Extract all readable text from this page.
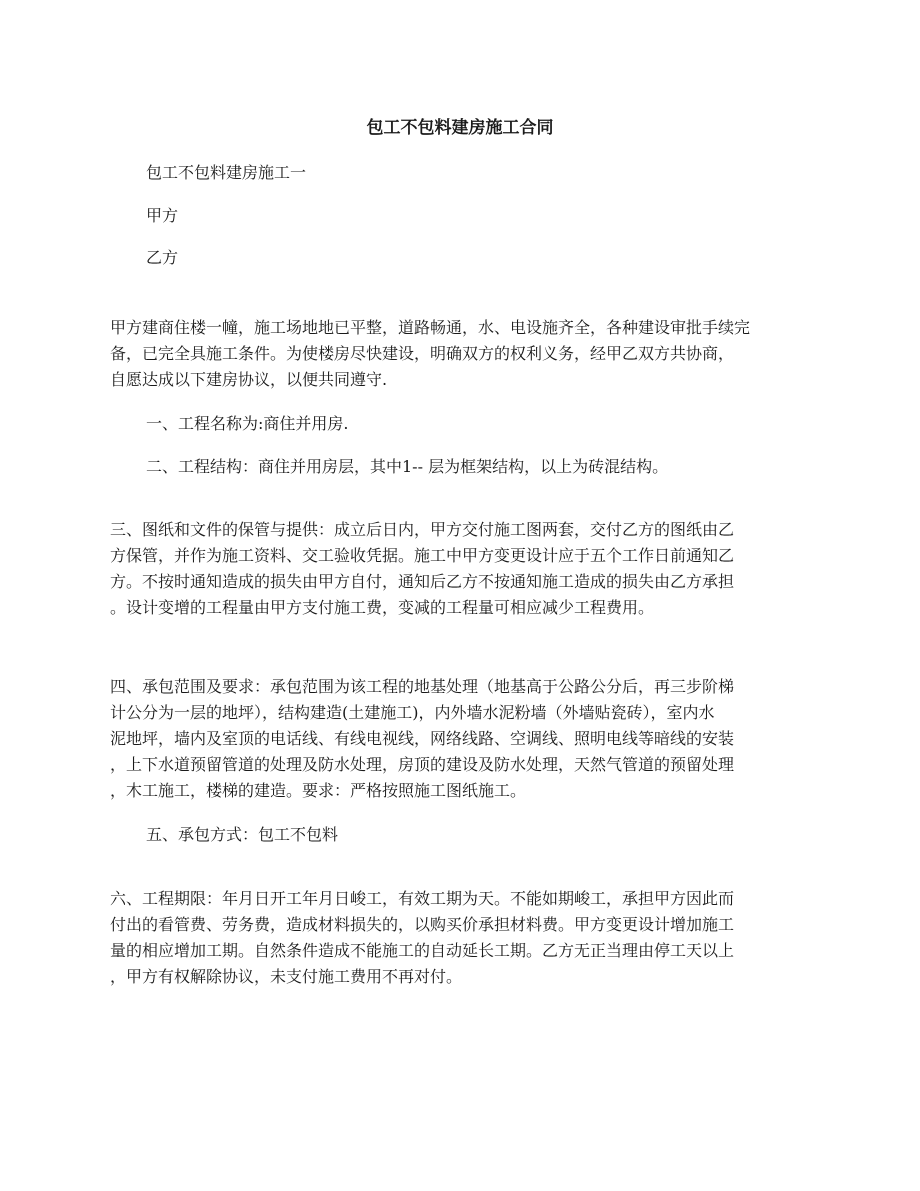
包工不包料建房施工合同
包工不包料建房施工一
甲方
乙方
甲方建商住楼一幢，施工场地地已平整，道路畅通，水、电设施齐全，各种建设审批手续完
备，已完全具施工条件。为使楼房尽快建设，明确双方的权利义务，经甲乙双方共协商，
自愿达成以下建房协议，以便共同遵守.
一、工程名称为:商住并用房.
二、工程结构：商住并用房层，其中1-- 层为框架结构，以上为砖混结构。
三、图纸和文件的保管与提供：成立后日内，甲方交付施工图两套，交付乙方的图纸由乙
方保管，并作为施工资料、交工验收凭据。施工中甲方变更设计应于五个工作日前通知乙
方。不按时通知造成的损失由甲方自付，通知后乙方不按通知施工造成的损失由乙方承担
。设计变增的工程量由甲方支付施工费，变减的工程量可相应减少工程费用。
四、承包范围及要求：承包范围为该工程的地基处理（地基高于公路公分后，再三步阶梯
计公分为一层的地坪），结构建造(土建施工)，内外墙水泥粉墙（外墙贴瓷砖），室内水
泥地坪，墙内及室顶的电话线、有线电视线，网络线路、空调线、照明电线等暗线的安装
，上下水道预留管道的处理及防水处理，房顶的建设及防水处理，天然气管道的预留处理
，木工施工，楼梯的建造。要求：严格按照施工图纸施工。
五、承包方式：包工不包料
六、工程期限：年月日开工年月日峻工，有效工期为天。不能如期峻工，承担甲方因此而
付出的看管费、劳务费，造成材料损失的，以购买价承担材料费。甲方变更设计增加施工
量的相应增加工期。自然条件造成不能施工的自动延长工期。乙方无正当理由停工天以上
，甲方有权解除协议，未支付施工费用不再对付。
